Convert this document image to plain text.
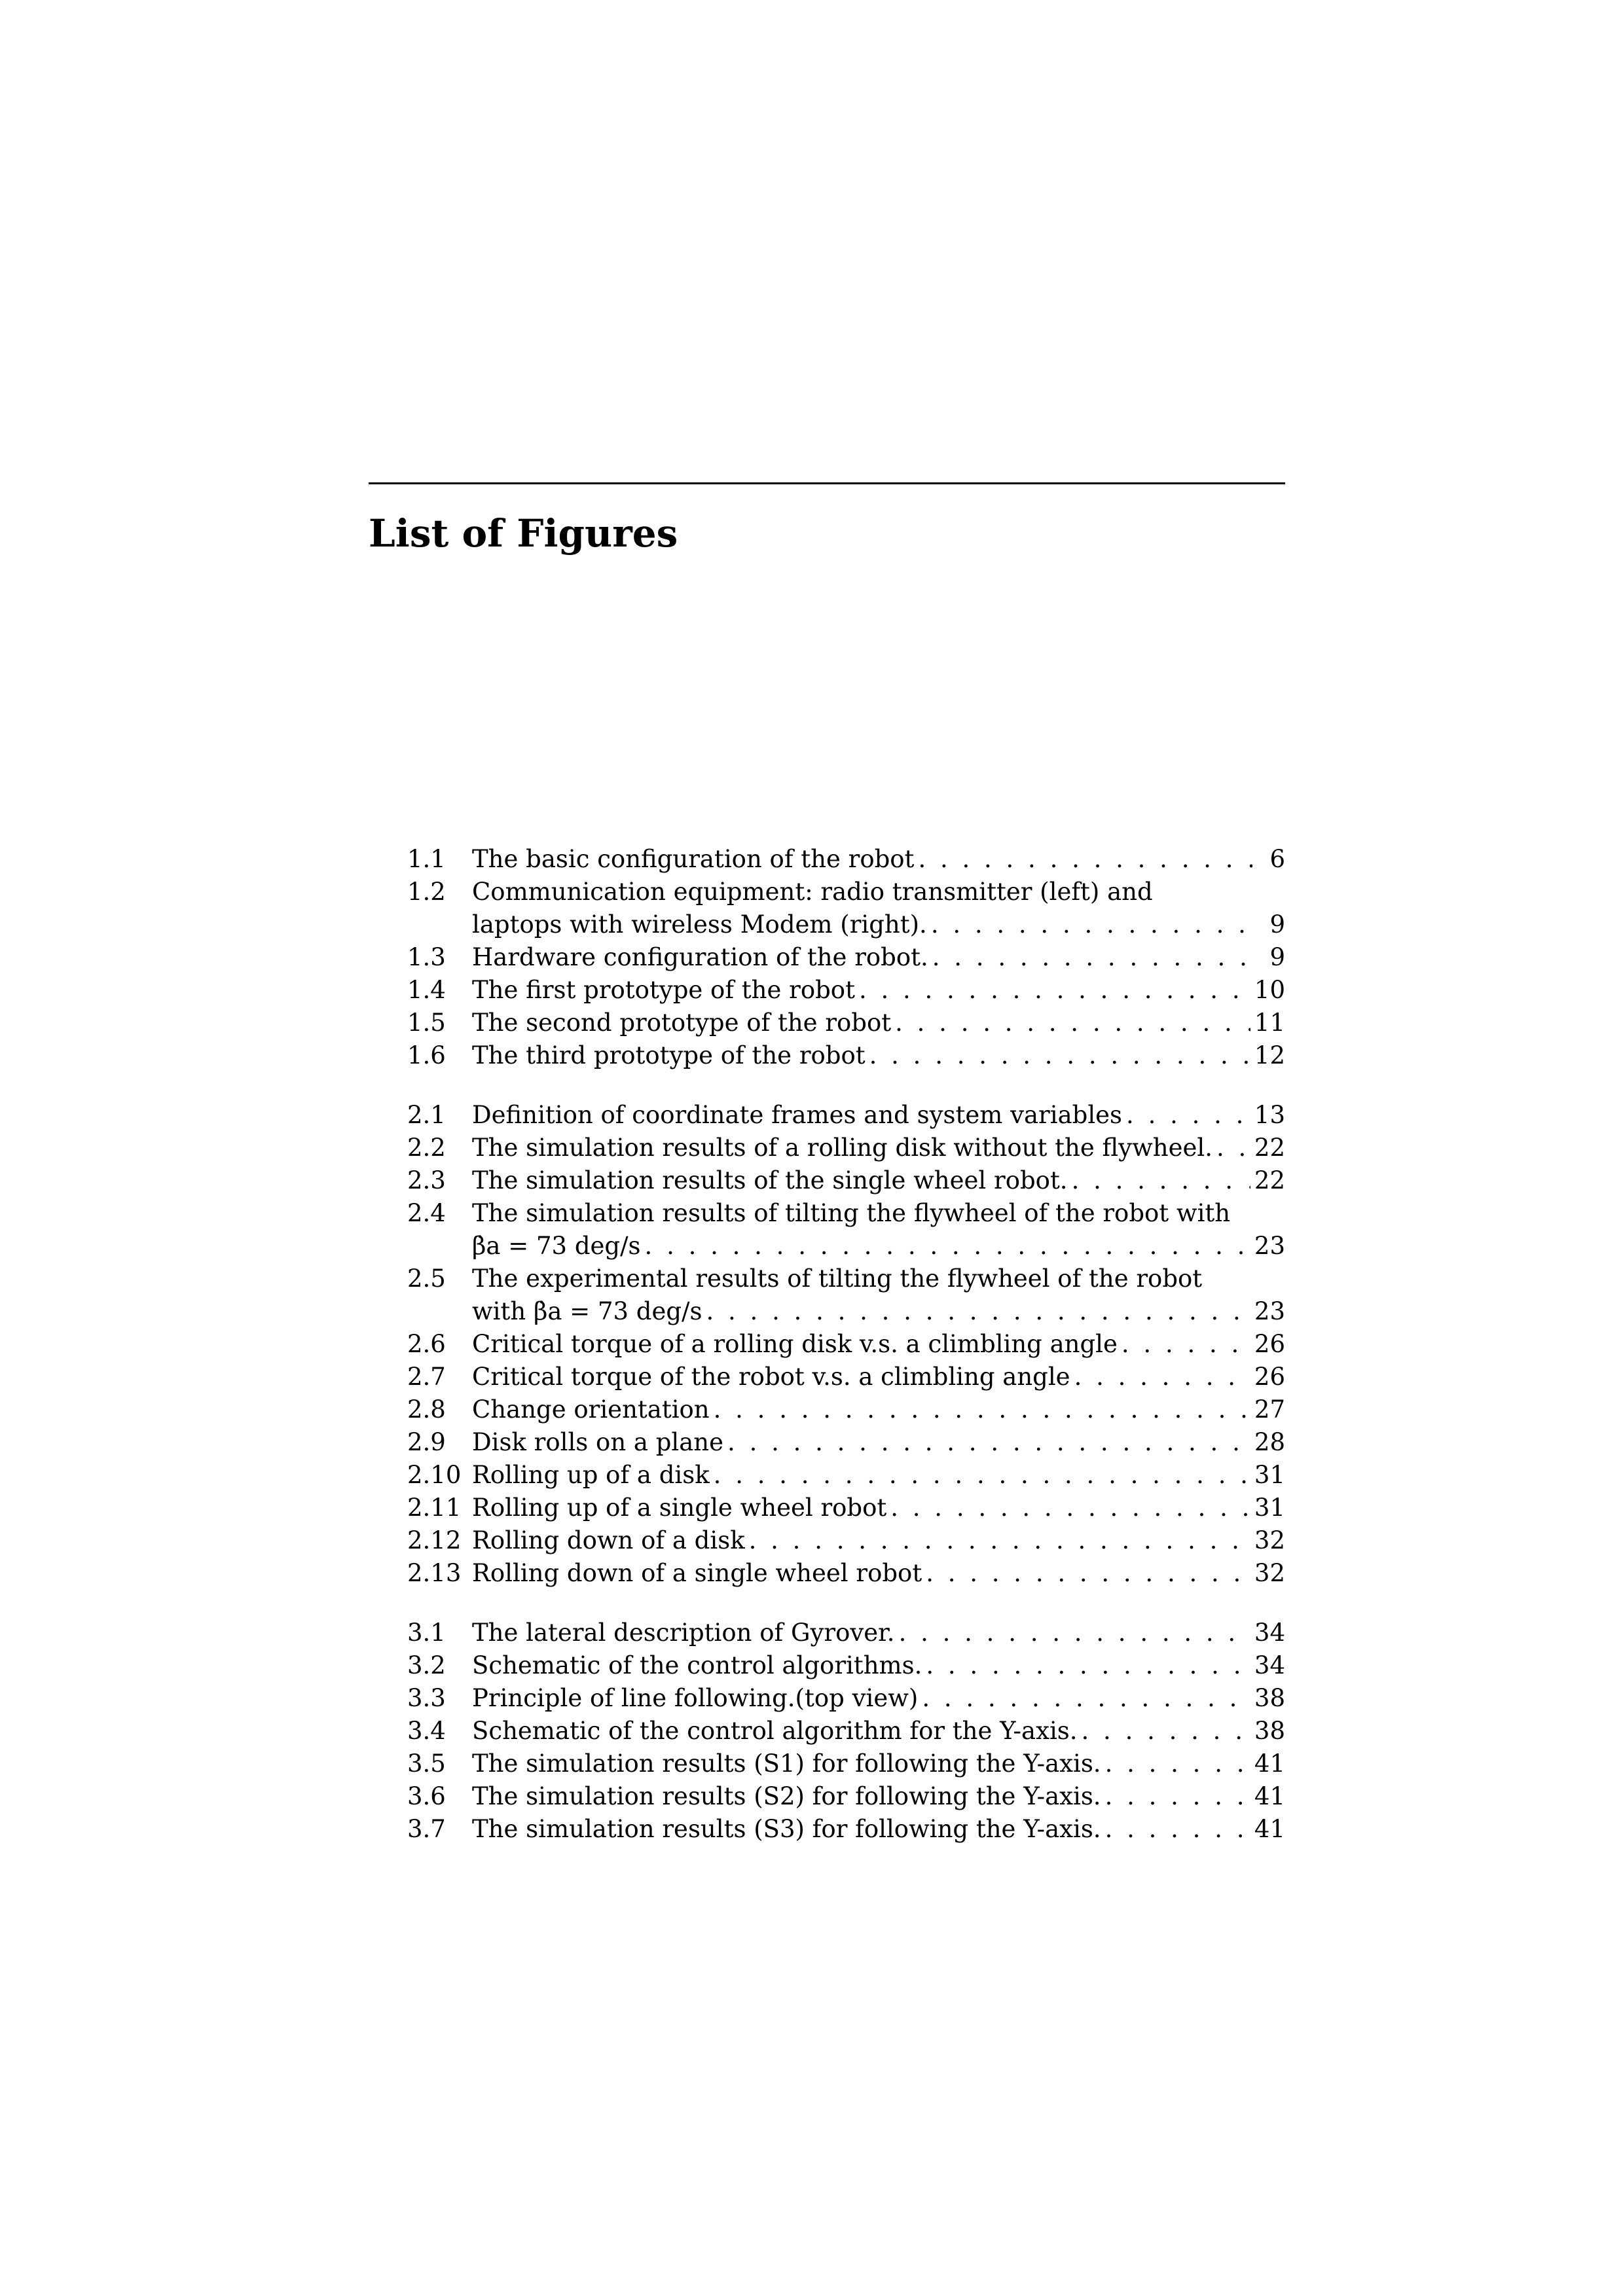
List of Figures
1.1 The basic configuration of the robot . . .	6
1.2 Communication equipment: radio transmitter (left) and
laptops with wireless Modem (right). . . .	9
1.3 Hardware configuration of the robot. . . .	9
1.4 The first prototype of the robot . . .	10
1.5 The second prototype of the robot . . .	11
1.6 The third prototype of the robot . . .	12
2.1 Definition of coordinate frames and system variables . . .	13
2.2 The simulation results of a rolling disk without the flywheel. . . . 22
2.3 The simulation results of the single wheel robot. . . .	22
2.4 The simulation results of tilting the flywheel of the robot with
β̇a = 73 deg/s . . .	23
2.5 The experimental results of tilting the flywheel of the robot
with β̇a = 73 deg/s . . .	23
2.6 Critical torque of a rolling disk v.s. a climbling angle . . .	26
2.7 Critical torque of the robot v.s. a climbling angle . . .	26
2.8 Change orientation . . .	27
2.9 Disk rolls on a plane . . .	28
2.10 Rolling up of a disk . . .	31
2.11 Rolling up of a single wheel robot . . .	31
2.12 Rolling down of a disk . . .	32
2.13 Rolling down of a single wheel robot . . .	32
3.1 The lateral description of Gyrover. . . .	34
3.2 Schematic of the control algorithms. . . .	34
3.3 Principle of line following.(top view) . . .	38
3.4 Schematic of the control algorithm for the Y-axis. . . .	38
3.5 The simulation results (S1) for following the Y-axis. . . .	41
3.6 The simulation results (S2) for following the Y-axis. . . .	41
3.7 The simulation results (S3) for following the Y-axis. . . .	41
